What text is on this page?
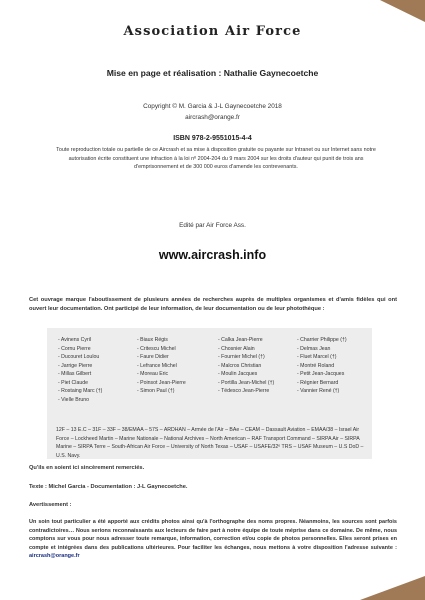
Association Air Force
Mise en page et réalisation : Nathalie Gaynecoetche
Copyright © M. Garcia & J-L Gaynecoetche 2018
aircrash@orange.fr
ISBN 978-2-9551015-4-4
Toute reproduction totale ou partielle de ce Aircrash et sa mise à disposition gratuite ou payante sur Intranet ou sur Internet sans notre autorisation écrite constituent une infraction à la loi nº 2004-204 du 9 mars 2004 sur les droits d'auteur qui punit de trois ans d'emprisonnement et de 300 000 euros d'amende les contrevenants.
Edité par Air Force Ass.
www.aircrash.info
Cet ouvrage marque l'aboutissement de plusieurs années de recherches auprès de multiples organismes et d'amis fidèles qui ont ouvert leur documentation. Ont participé de leur information, de leur documentation ou de leur photothèque :
- Avinens Cyril
- Cornu Pierre
- Ducouret Loulou
- Jarrige Pierre
- Millas Gilbert
- Piet Claude
- Rostaing Marc (†)
- Vielle Bruno
- Biaux Régis
- Critescu Michel
- Faure Didier
- Lefrance Michel
- Moreau Eric
- Poinsot Jean-Pierre
- Simon Paul (†)
- Calka Jean-Pierre
- Chosnier Alain
- Fournier Michel (†)
- Malcros Christian
- Moulin Jacques
- Portilla Jean-Michel (†)
- Tédesco Jean-Pierre
- Charrier Philippe (†)
- Delmas Jean
- Fluet Marcel (†)
- Montré Roland
- Petit Jean-Jacques
- Régnier Bernard
- Vannier René (†)
12F – 13 E.C – 31F – 33F – 38/EMAA – 57S – ARDHAN – Armée de l'Air – BAe – CEAM – Dassault Aviation – EMAA/38 – Israel Air Force – Lockheed Martin – Marine Nationale – National Archives – North American – RAF Transport Command – SIRPA Air – SIRPA Marine – SIRPA Terre – South-African Air Force – University of North Texas – USAF – USAFE/32ᵉ TRS – USAF Museum – U.S DoD – U.S. Navy.
Qu'ils en soient ici sincèrement remerciés.
Texte : Michel Garcia - Documentation : J-L Gaynecoetche.
Avertissement :
Un soin tout particulier a été apporté aux crédits photos ainsi qu'à l'orthographe des noms propres. Néanmoins, les sources sont parfois contradictoires… Nous serions reconnaissants aux lecteurs de faire part à notre équipe de toute méprise dans ce domaine. De même, nous comptons sur vous pour nous adresser toute remarque, information, correction et/ou copie de photos personnelles. Elles seront prises en compte et intégrées dans des publications ultérieures. Pour faciliter les échanges, nous mettons à votre disposition l'adresse suivante : aircrash@orange.fr
